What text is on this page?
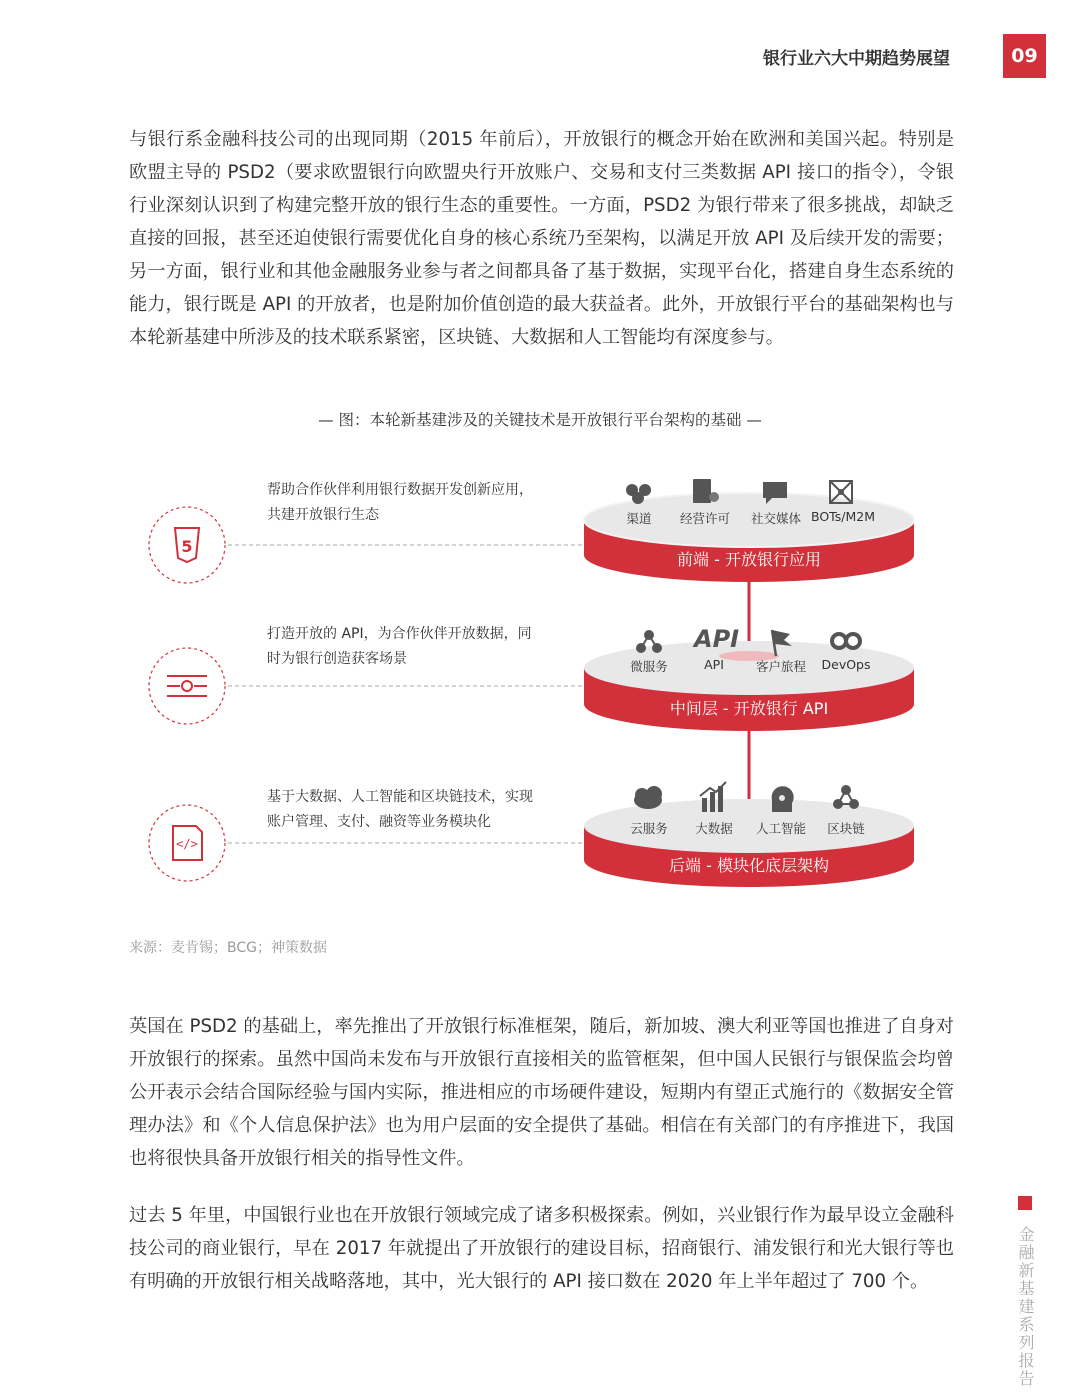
银行业六大中期趋势展望	09

与银行系金融科技公司的出现同期（2015 年前后），开放银行的概念开始在欧洲和美国兴起。特别是欧盟主导的 PSD2（要求欧盟银行向欧盟央行开放账户、交易和支付三类数据 API 接口的指令），令银行业深刻认识到了构建完整开放的银行生态的重要性。一方面，PSD2 为银行带来了很多挑战，却缺乏直接的回报，甚至还迫使银行需要优化自身的核心系统乃至架构，以满足开放 API 及后续开发的需要；另一方面，银行业和其他金融服务业参与者之间都具备了基于数据，实现平台化，搭建自身生态系统的能力，银行既是 API 的开放者，也是附加价值创造的最大获益者。此外，开放银行平台的基础架构也与本轮新基建中所涉及的技术联系紧密，区块链、大数据和人工智能均有深度参与。

— 图：本轮新基建涉及的关键技术是开放银行平台架构的基础 —
5
</>
API
渠道	经营许可	社交媒体 BOTs/M2M
微服务	API	客户旅程	DevOps
云服务	大数据	人工智能	区块链
前端 - 开放银行应用
中间层 - 开放银行 API
后端 - 模块化底层架构
帮助合作伙伴利用银行数据开发创新应用，
共建开放银行生态
打造开放的 API，为合作伙伴开放数据，同
时为银行创造获客场景
基于大数据、人工智能和区块链技术，实现
账户管理、支付、融资等业务模块化
来源：麦肯锡；BCG；神策数据

英国在 PSD2 的基础上，率先推出了开放银行标准框架，随后，新加坡、澳大利亚等国也推进了自身对开放银行的探索。虽然中国尚未发布与开放银行直接相关的监管框架，但中国人民银行与银保监会均曾公开表示会结合国际经验与国内实际，推进相应的市场硬件建设，短期内有望正式施行的《数据安全管理办法》和《个人信息保护法》也为用户层面的安全提供了基础。相信在有关部门的有序推进下，我国也将很快具备开放银行相关的指导性文件。

过去 5 年里，中国银行业也在开放银行领域完成了诸多积极探索。例如，兴业银行作为最早设立金融科技公司的商业银行，早在 2017 年就提出了开放银行的建设目标，招商银行、浦发银行和光大银行等也有明确的开放银行相关战略落地，其中，光大银行的 API 接口数在 2020 年上半年超过了 700 个。	金融新基建系列报告
